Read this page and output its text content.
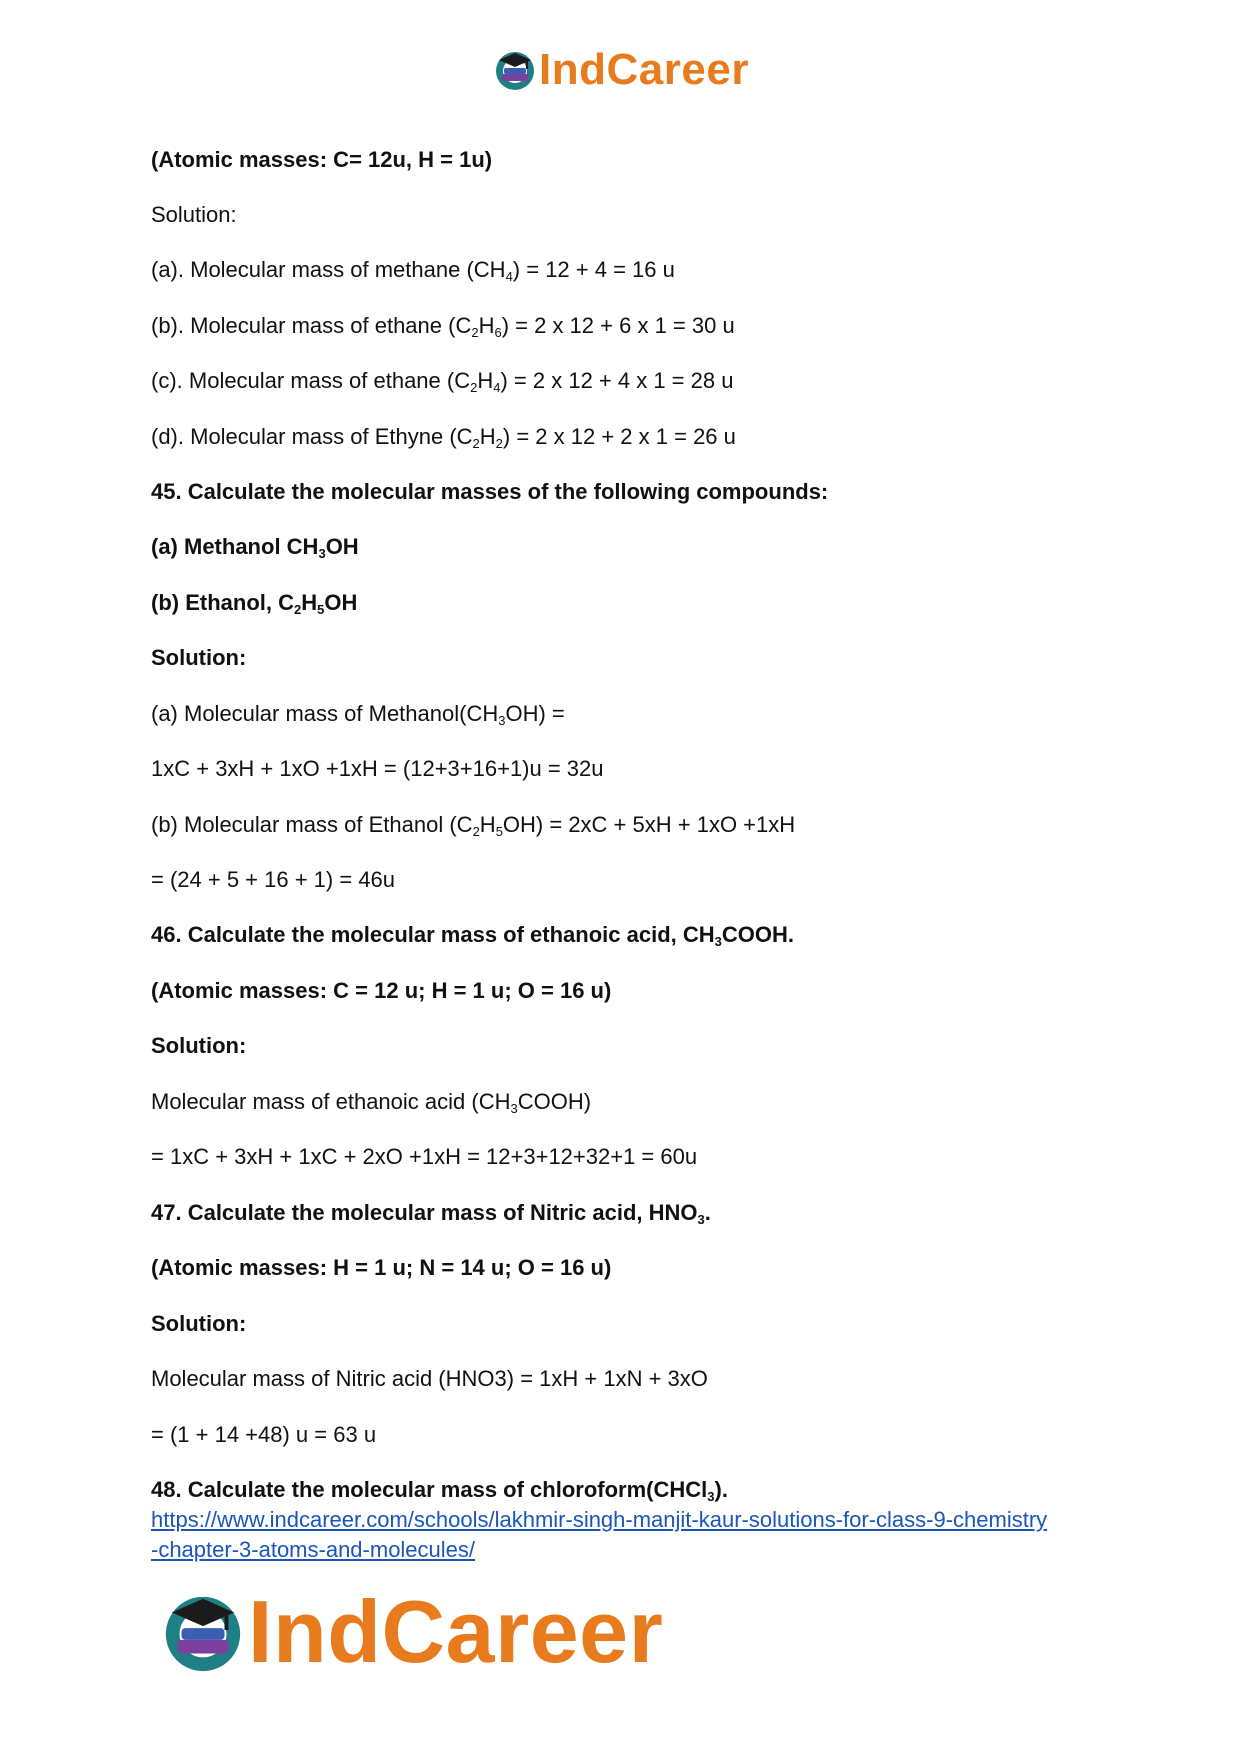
IndCareer
(Atomic masses: C= 12u, H = 1u)
Solution:
(a). Molecular mass of methane $(CH_4) = 12 + 4 = 16$ u
(b). Molecular mass of ethane $(C_2H_6) = 2$ x 12 + 6 x 1 = 30 u
(c). Molecular mass of ethane $(C_2H_4) = 2$ x 12 + 4 x 1 = 28 u
(d). Molecular mass of Ethyne $(C_2H_2) = 2$ x 12 + 2 x 1 = 26 u
45. Calculate the molecular masses of the following compounds:
(a) Methanol $CH_3OH$
(b) Ethanol, $C_2H_5OH$
Solution:
(a) Molecular mass of $Methanol(CH_3OH)$ =
1xC + 3xH + 1xO +1xH = (12+3+16+1)u = 32u
(b) Molecular mass of Ethanol $(C_2H_5OH) = 2xC + 5xH + 1xO +1xH$
= (24 + 5 + 16 + 1) = 46u
46. Calculate the molecular mass of ethanoic acid, $CH_3COOH$.
(Atomic masses: C = 12 u; H = 1 u; O = 16 u)
Solution:
Molecular mass of ethanoic acid $(CH_3COOH)$
= 1xC + 3xH + 1xC + 2xO +1xH = 12+3+12+32+1 = 60u
47. Calculate the molecular mass of Nitric acid, $HNO_3$.
(Atomic masses: H = 1 u; N = 14 u; O = 16 u)
Solution:
Molecular mass of Nitric acid (HNO3) = 1xH + 1xN + 3xO
= (1 + 14 +48) u = 63 u
48. Calculate the molecular mass of chloroform(CHCl$_3$).
https://www.indcareer.com/schools/lakhmir-singh-manjit-kaur-solutions-for-class-9-chemistry
-chapter-3-atoms-and-molecules/
IndCareer
